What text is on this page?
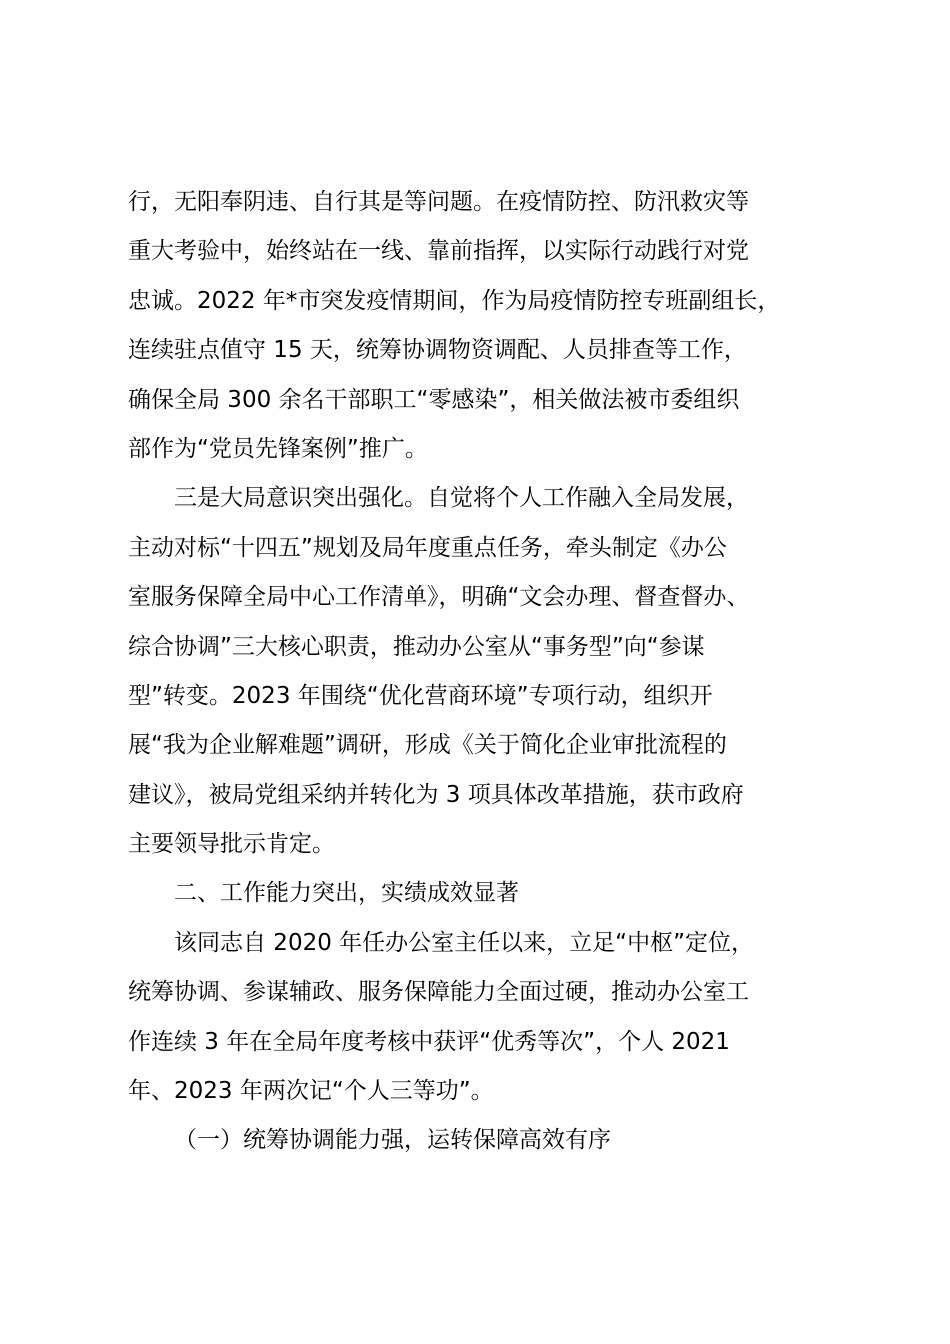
行，无阳奉阴违、自行其是等问题。在疫情防控、防汛救灾等
重大考验中，始终站在一线、靠前指挥，以实际行动践行对党
忠诚。2022 年*市突发疫情期间，作为局疫情防控专班副组长，
连续驻点值守 15 天，统筹协调物资调配、人员排查等工作，
确保全局 300 余名干部职工“零感染”，相关做法被市委组织
部作为“党员先锋案例”推广。
三是大局意识突出强化。自觉将个人工作融入全局发展，
主动对标“十四五”规划及局年度重点任务，牵头制定《办公
室服务保障全局中心工作清单》，明确“文会办理、督查督办、
综合协调”三大核心职责，推动办公室从“事务型”向“参谋
型”转变。2023 年围绕“优化营商环境”专项行动，组织开
展“我为企业解难题”调研，形成《关于简化企业审批流程的
建议》，被局党组采纳并转化为 3 项具体改革措施，获市政府
主要领导批示肯定。
二、工作能力突出，实绩成效显著
该同志自 2020 年任办公室主任以来，立足“中枢”定位，
统筹协调、参谋辅政、服务保障能力全面过硬，推动办公室工
作连续 3 年在全局年度考核中获评“优秀等次”，个人 2021
年、2023 年两次记“个人三等功”。
（一）统筹协调能力强，运转保障高效有序
